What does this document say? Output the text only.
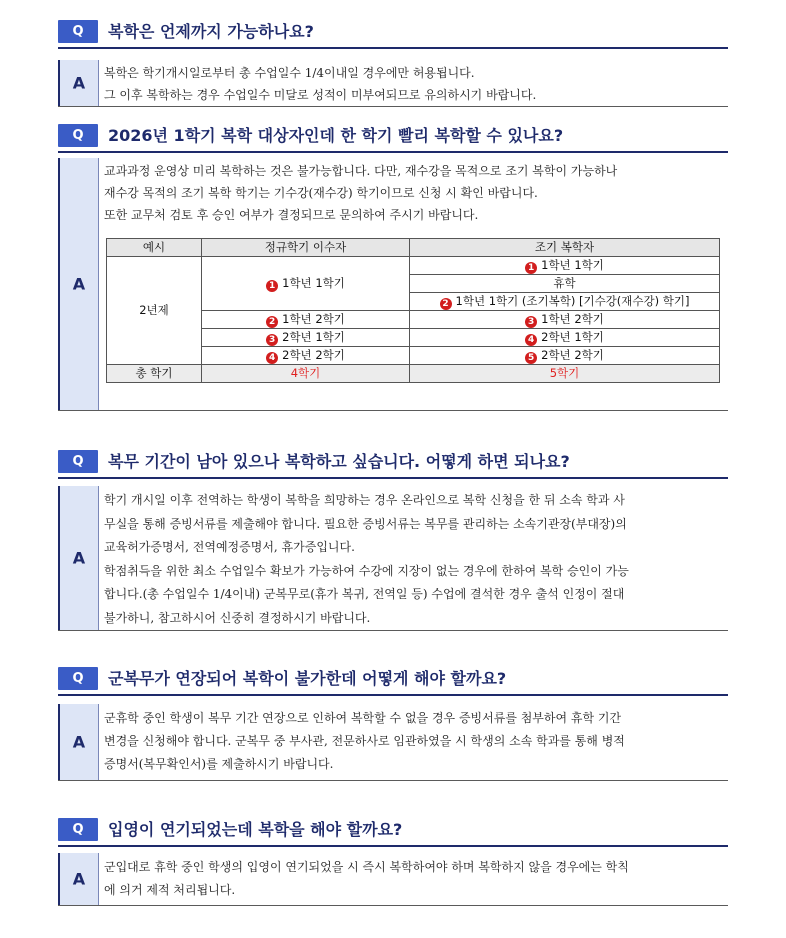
Q	복학은 언제까지 가능하나요?
A

복학은 학기개시일로부터 총 수업일수 1/4이내일 경우에만 허용됩니다.

그 이후 복학하는 경우 수업일수 미달로 성적이 미부여되므로 유의하시기 바랍니다.

Q	2026년 1학기 복학 대상자인데 한 학기 빨리 복학할 수 있나요?
A

교과과정 운영상 미리 복학하는 것은 불가능합니다. 다만, 재수강을 목적으로 조기 복학이 가능하나

재수강 목적의 조기 복학 학기는 기수강(재수강) 학기이므로 신청 시 확인 바랍니다.

또한 교무처 검토 후 승인 여부가 결정되므로 문의하여 주시기 바랍니다.

예시	정규학기 이수자	조기 복학자
2년제	1 1학년 1학기	1 1학년 1학기
		휴학
		2 1학년 1학기 (조기복학) [기수강(재수강) 학기]
	2 1학년 2학기	3 1학년 2학기
	3 2학년 1학기	4 2학년 1학기
	4 2학년 2학기	5 2학년 2학기
총 학기	4학기	5학기
Q	복무 기간이 남아 있으나 복학하고 싶습니다. 어떻게 하면 되나요?
A

학기 개시일 이후 전역하는 학생이 복학을 희망하는 경우 온라인으로 복학 신청을 한 뒤 소속 학과 사

무실을 통해 증빙서류를 제출해야 합니다. 필요한 증빙서류는 복무를 관리하는 소속기관장(부대장)의

교육허가증명서, 전역예정증명서, 휴가증입니다.

학점취득을 위한 최소 수업일수 확보가 가능하여 수강에 지장이 없는 경우에 한하여 복학 승인이 가능

합니다.(총 수업일수 1/4이내) 군복무로(휴가 복귀, 전역일 등) 수업에 결석한 경우 출석 인정이 절대

불가하니, 참고하시어 신중히 결정하시기 바랍니다.

Q	군복무가 연장되어 복학이 불가한데 어떻게 해야 할까요?
A

군휴학 중인 학생이 복무 기간 연장으로 인하여 복학할 수 없을 경우 증빙서류를 첨부하여 휴학 기간

변경을 신청해야 합니다. 군복무 중 부사관, 전문하사로 임관하였을 시 학생의 소속 학과를 통해 병적

증명서(복무확인서)를 제출하시기 바랍니다.

Q	입영이 연기되었는데 복학을 해야 할까요?
A

군입대로 휴학 중인 학생의 입영이 연기되었을 시 즉시 복학하여야 하며 복학하지 않을 경우에는 학칙

에 의거 제적 처리됩니다.
